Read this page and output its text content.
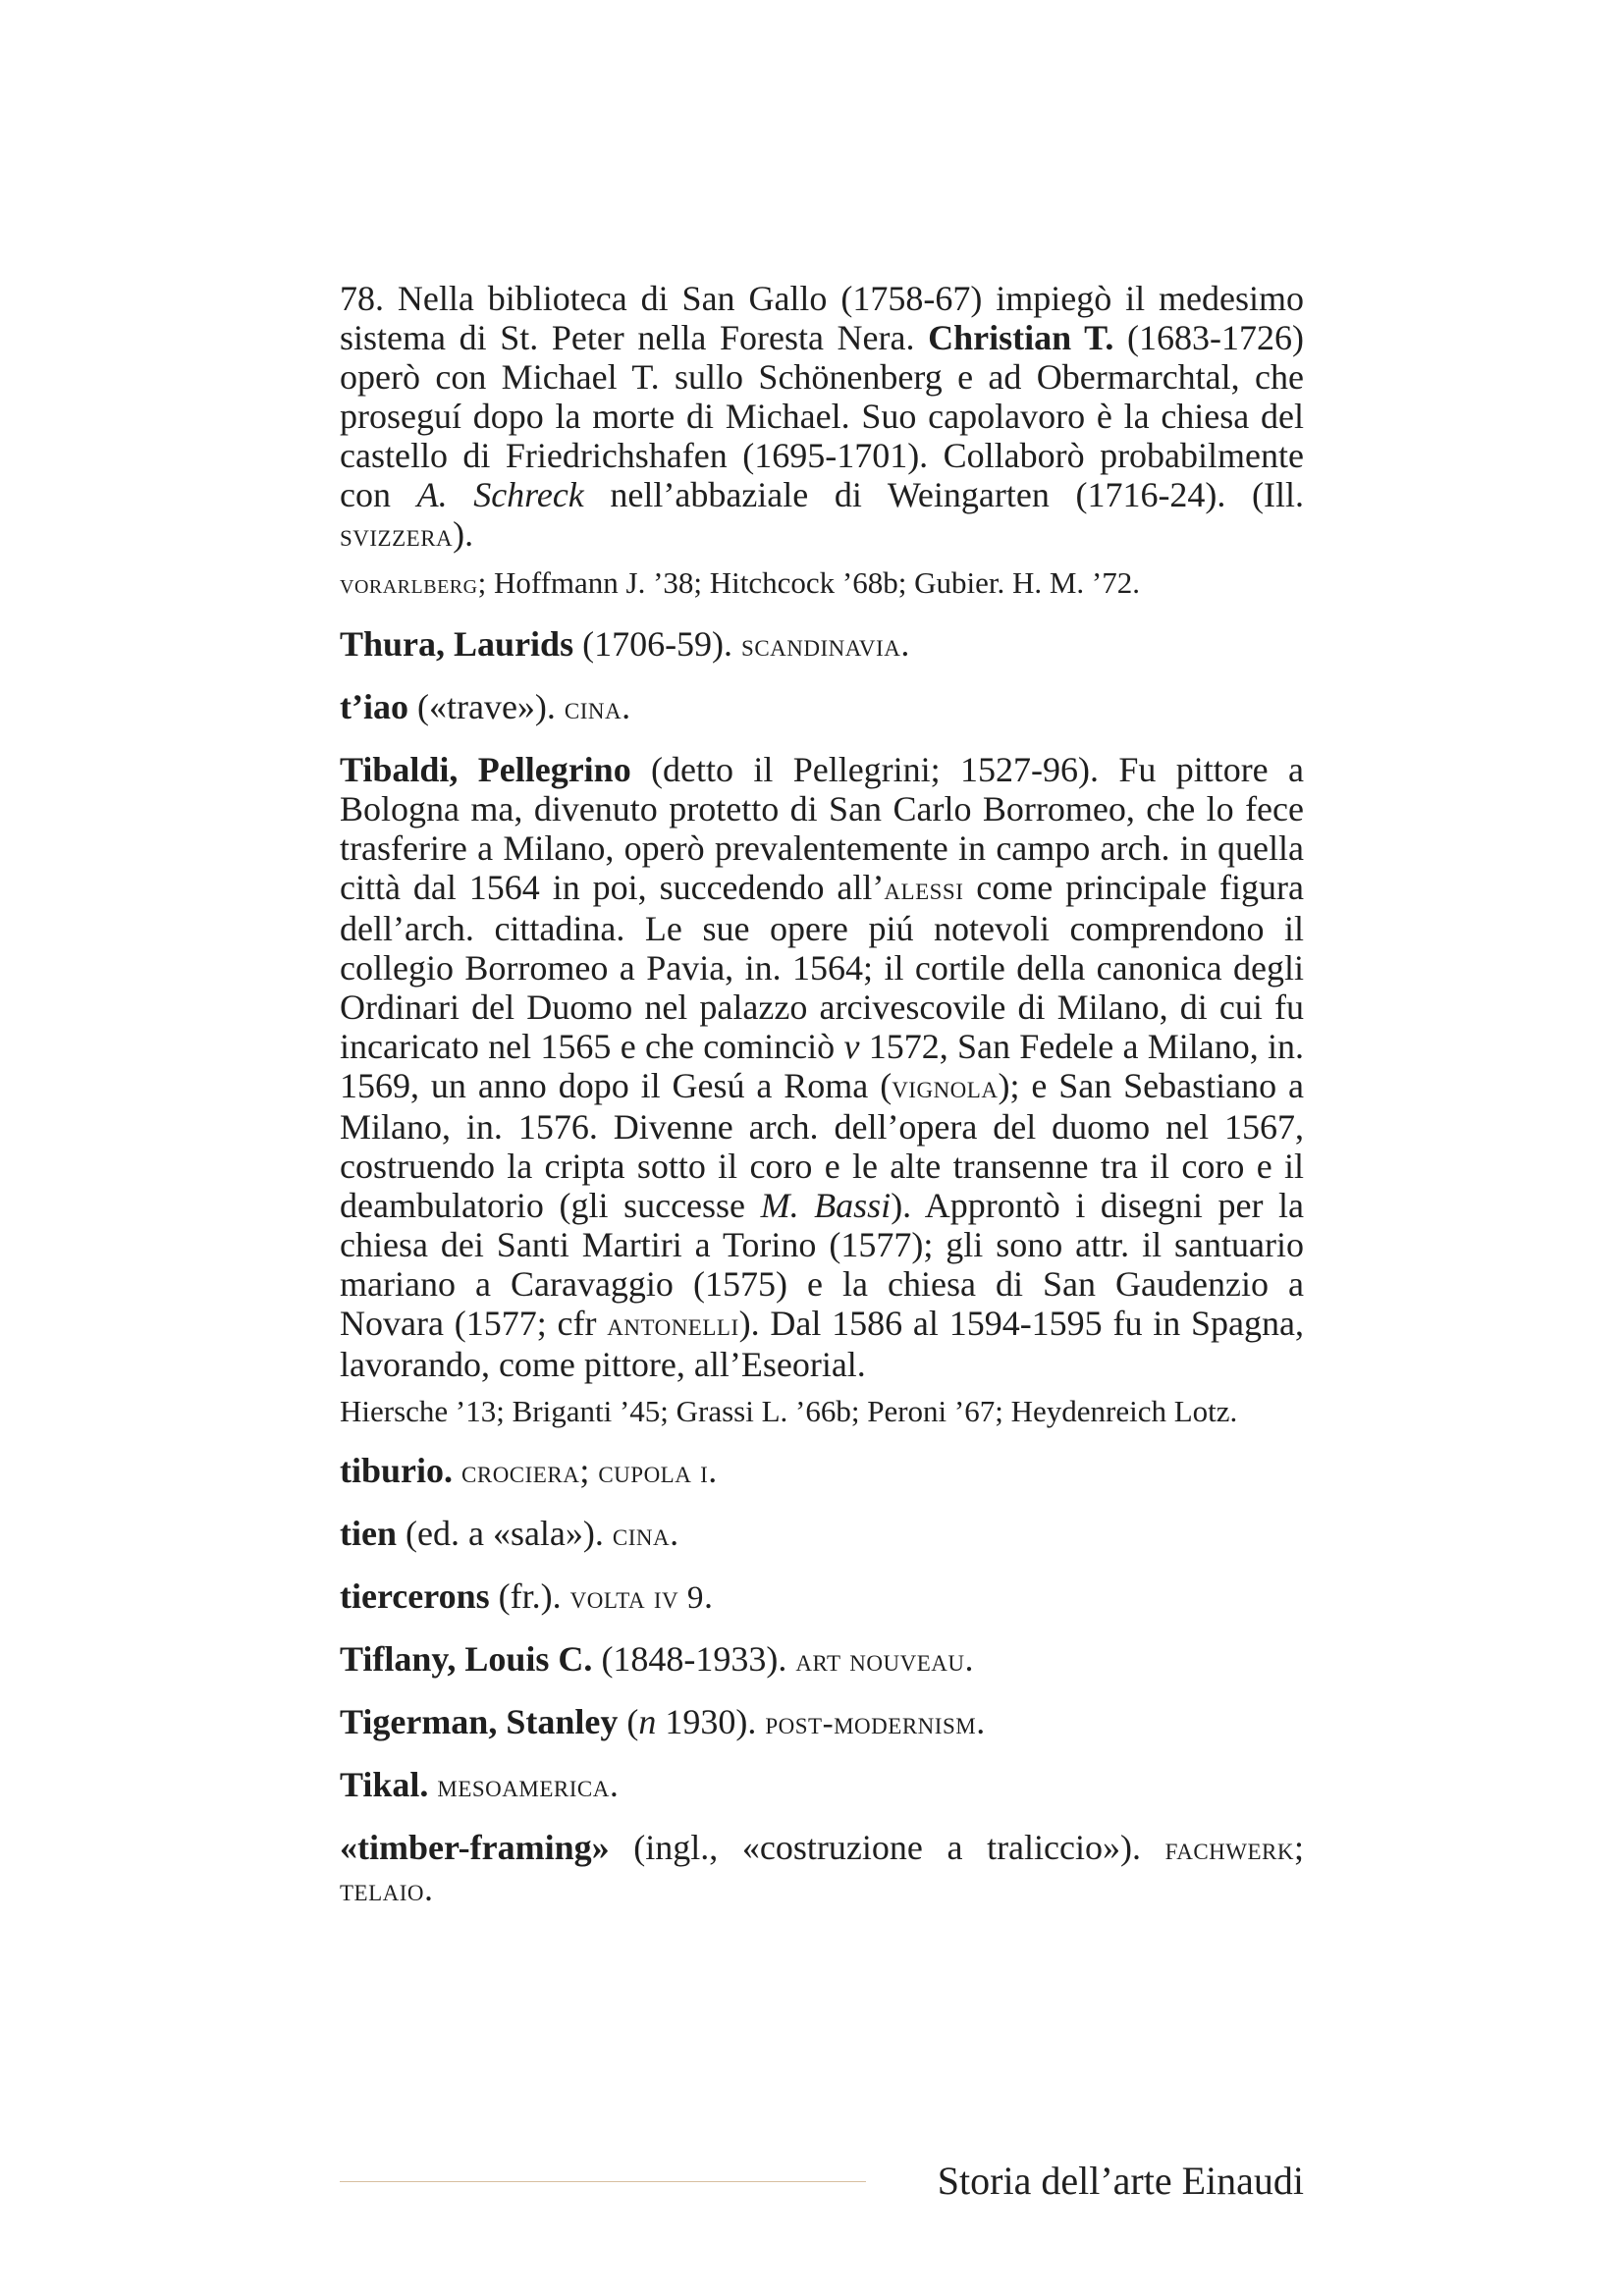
78. Nella biblioteca di San Gallo (1758-67) impiegò il medesimo sistema di St. Peter nella Foresta Nera. Christian T. (1683-1726) operò con Michael T. sullo Schönenberg e ad Obermarchtal, che proseguí dopo la morte di Michael. Suo capolavoro è la chiesa del castello di Friedrichshafen (1695-1701). Collaborò probabilmente con A. Schreck nell’abbaziale di Weingarten (1716-24). (Ill. svizzera).

vorarlberg; Hoffmann J. ’38; Hitchcock ’68b; Gubier. H. M. ’72.

Thura, Laurids (1706-59). scandinavia.

t’iao («trave»). cina.

Tibaldi, Pellegrino (detto il Pellegrini; 1527-96). Fu pittore a Bologna ma, divenuto protetto di San Carlo Borromeo, che lo fece trasferire a Milano, operò prevalentemente in campo arch. in quella città dal 1564 in poi, succedendo all’alessi come principale figura dell’arch. cittadina. Le sue opere piú notevoli comprendono il collegio Borromeo a Pavia, in. 1564; il cortile della canonica degli Ordinari del Duomo nel palazzo arcivescovile di Milano, di cui fu incaricato nel 1565 e che cominciò v 1572, San Fedele a Milano, in. 1569, un anno dopo il Gesú a Roma (vignola); e San Sebastiano a Milano, in. 1576. Divenne arch. dell’opera del duomo nel 1567, costruendo la cripta sotto il coro e le alte transenne tra il coro e il deambulatorio (gli successe M. Bassi). Approntò i disegni per la chiesa dei Santi Martiri a Torino (1577); gli sono attr. il santuario mariano a Caravaggio (1575) e la chiesa di San Gaudenzio a Novara (1577; cfr antonelli). Dal 1586 al 1594-1595 fu in Spagna, lavorando, come pittore, all’Eseorial.

Hiersche ’13; Briganti ’45; Grassi L. ’66b; Peroni ’67; Heydenreich Lotz.

tiburio. crociera; cupola i.

tien (ed. a «sala»). cina.

tiercerons (fr.). volta iv 9.

Tiflany, Louis C. (1848-1933). art nouveau.

Tigerman, Stanley (n 1930). post-modernism.

Tikal. mesoamerica.

«timber-framing» (ingl., «costruzione a traliccio»). fachwerk; telaio.

Storia dell’arte Einaudi
